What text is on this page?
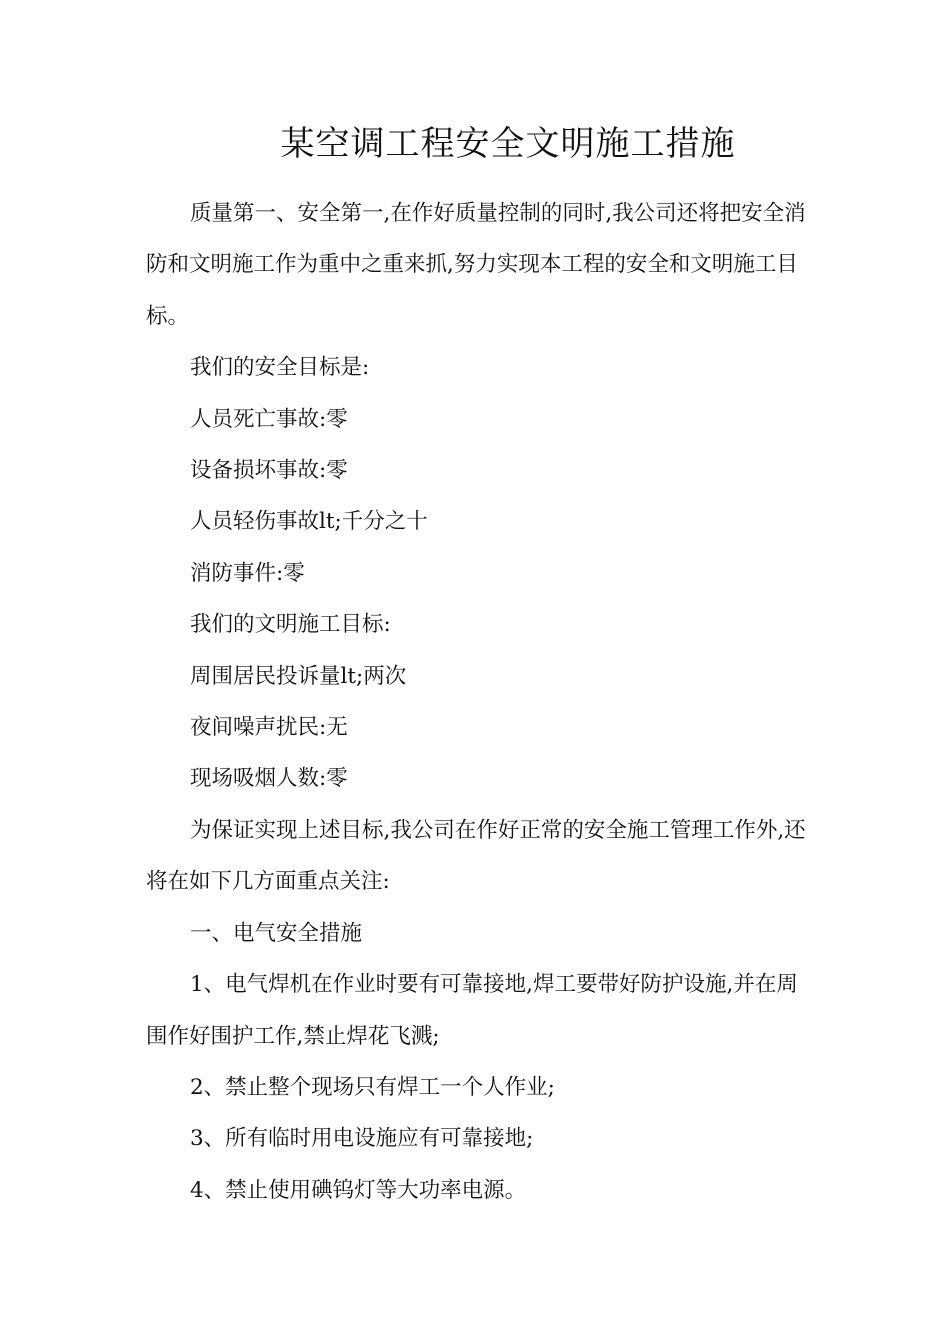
某空调工程安全文明施工措施

质量第一、安全第一,在作好质量控制的同时,我公司还将把安全消防和文明施工作为重中之重来抓,努力实现本工程的安全和文明施工目标。

我们的安全目标是:

人员死亡事故:零

设备损坏事故:零

人员轻伤事故lt;千分之十

消防事件:零

我们的文明施工目标:

周围居民投诉量lt;两次

夜间噪声扰民:无

现场吸烟人数:零

为保证实现上述目标,我公司在作好正常的安全施工管理工作外,还将在如下几方面重点关注:

一、电气安全措施

1、电气焊机在作业时要有可靠接地,焊工要带好防护设施,并在周围作好围护工作,禁止焊花飞溅;

2、禁止整个现场只有焊工一个人作业;

3、所有临时用电设施应有可靠接地;

4、禁止使用碘钨灯等大功率电源。
